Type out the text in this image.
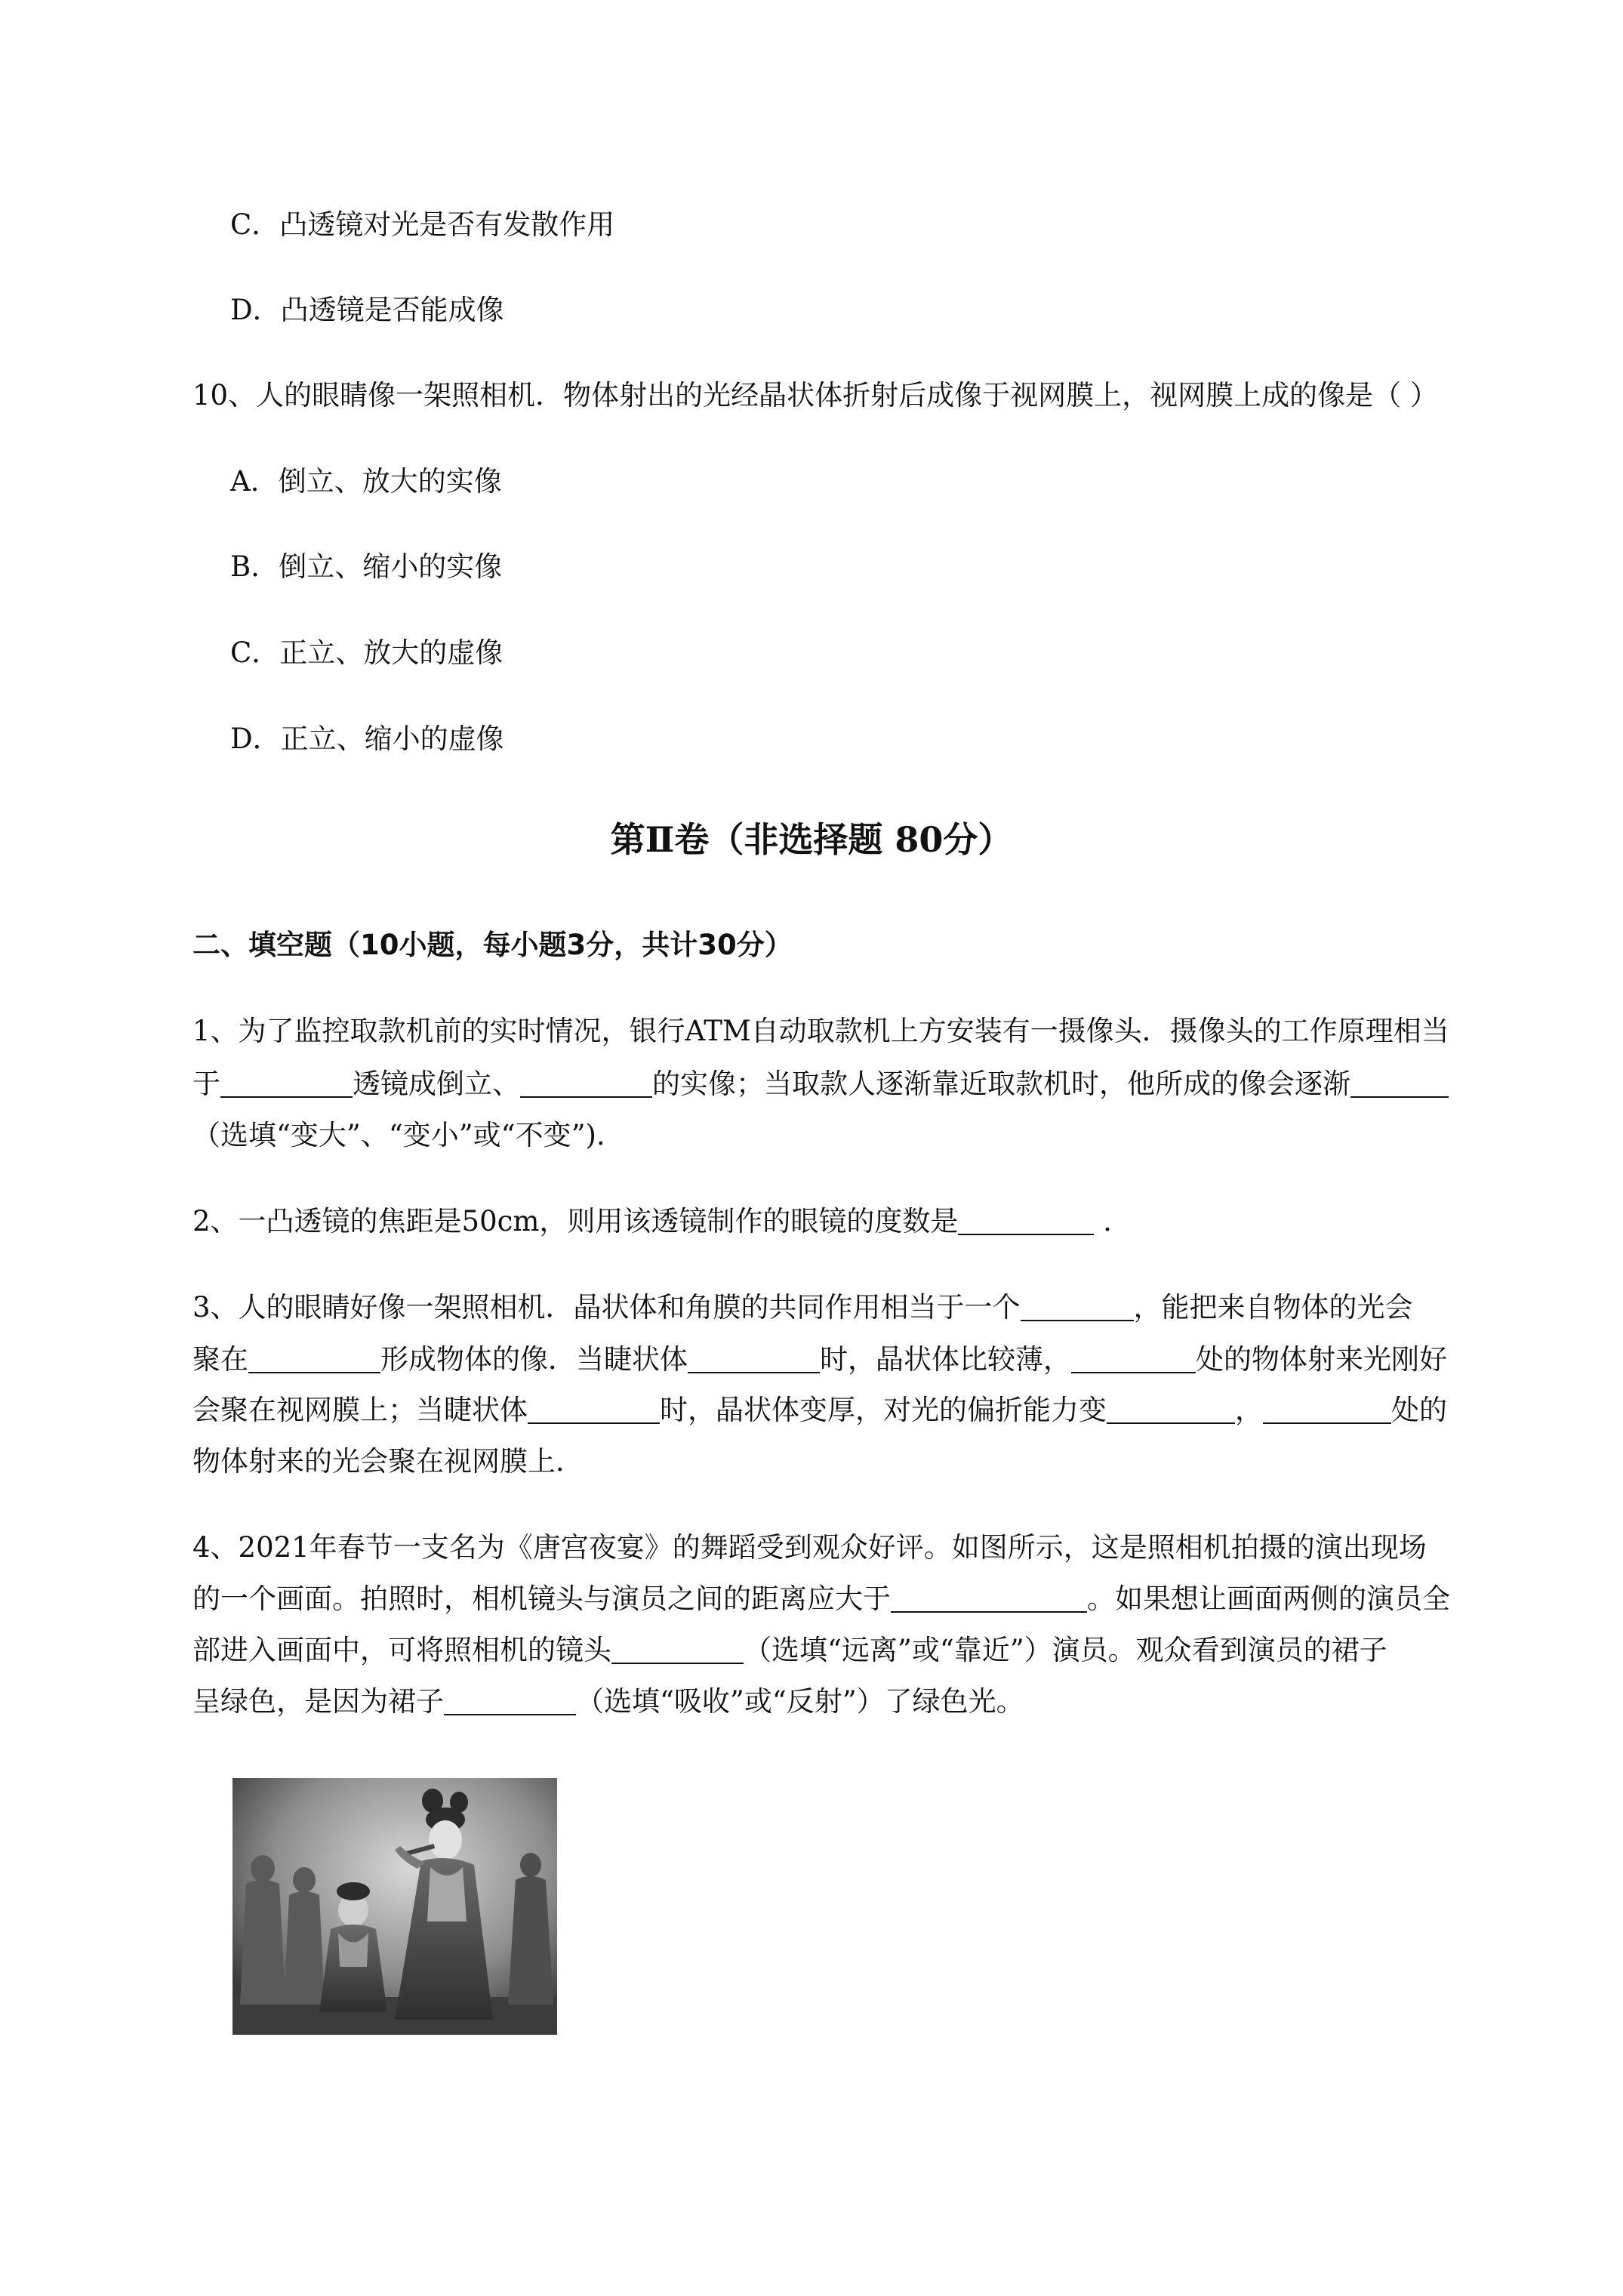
C．凸透镜对光是否有发散作用
D．凸透镜是否能成像
10、人的眼睛像一架照相机．物体射出的光经晶状体折射后成像于视网膜上，视网膜上成的像是（ ）
A．倒立、放大的实像
B．倒立、缩小的实像
C．正立、放大的虚像
D．正立、缩小的虚像
第Ⅱ卷（非选择题 80分）
二、填空题（10小题，每小题3分，共计30分）
1、为了监控取款机前的实时情况，银行ATM自动取款机上方安装有一摄像头．摄像头的工作原理相当
于	透镜成倒立、	的实像；当取款人逐渐靠近取款机时，他所成的像会逐渐
（选填“变大”、“变小”或“不变”).
2、一凸透镜的焦距是50cm，则用该透镜制作的眼镜的度数是	．
3、人的眼睛好像一架照相机．晶状体和角膜的共同作用相当于一个	，能把来自物体的光会
聚在	形成物体的像．当睫状体	时，晶状体比较薄，	处的物体射来光刚好
会聚在视网膜上；当睫状体	时，晶状体变厚，对光的偏折能力变	，	处的
物体射来的光会聚在视网膜上．
4、2021年春节一支名为《唐宫夜宴》的舞蹈受到观众好评。如图所示，这是照相机拍摄的演出现场
的一个画面。拍照时，相机镜头与演员之间的距离应大于	。如果想让画面两侧的演员全
部进入画面中，可将照相机的镜头	（选填“远离”或“靠近”）演员。观众看到演员的裙子
呈绿色，是因为裙子	（选填“吸收”或“反射”）了绿色光。
